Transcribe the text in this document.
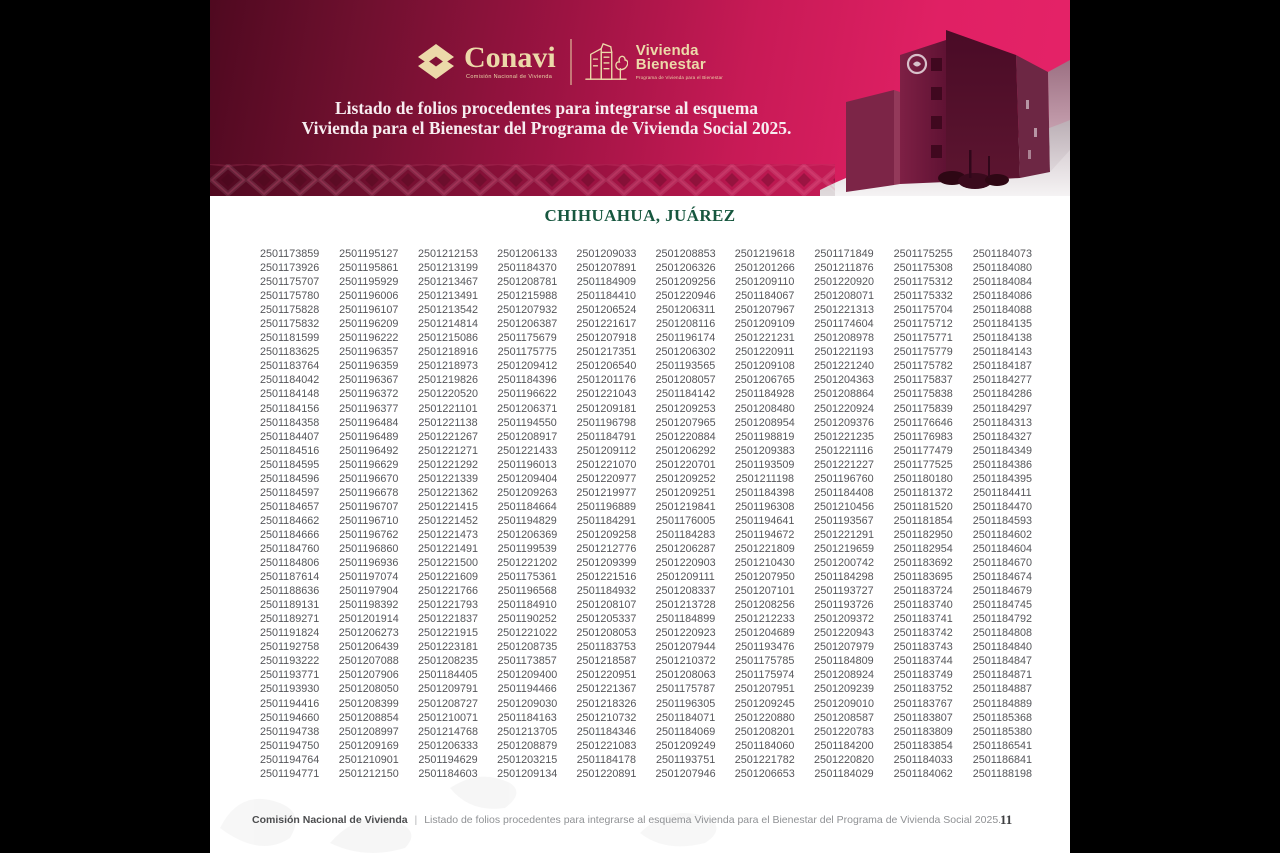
Conavi
Comisión Nacional de Vivienda
Vivienda
Bienestar
Programa de Vivienda para el Bienestar
Listado de folios procedentes para integrarse al esquema
Vivienda para el Bienestar del Programa de Vivienda Social 2025.
CHIHUAHUA, JUÁREZ
2501173859	2501195127	2501212153	2501206133	2501209033	2501208853	2501219618	2501171849	2501175255	2501184073
2501173926	2501195861	2501213199	2501184370	2501207891	2501206326	2501201266	2501211876	2501175308	2501184080
2501175707	2501195929	2501213467	2501208781	2501184909	2501209256	2501209110	2501220920	2501175312	2501184084
2501175780	2501196006	2501213491	2501215988	2501184410	2501220946	2501184067	2501208071	2501175332	2501184086
2501175828	2501196107	2501213542	2501207932	2501206524	2501206311	2501207967	2501221313	2501175704	2501184088
2501175832	2501196209	2501214814	2501206387	2501221617	2501208116	2501209109	2501174604	2501175712	2501184135
2501181599	2501196222	2501215086	2501175679	2501207918	2501196174	2501221231	2501208978	2501175771	2501184138
2501183625	2501196357	2501218916	2501175775	2501217351	2501206302	2501220911	2501221193	2501175779	2501184143
2501183764	2501196359	2501218973	2501209412	2501206540	2501193565	2501209108	2501221240	2501175782	2501184187
2501184042	2501196367	2501219826	2501184396	2501201176	2501208057	2501206765	2501204363	2501175837	2501184277
2501184148	2501196372	2501220520	2501196622	2501221043	2501184142	2501184928	2501208864	2501175838	2501184286
2501184156	2501196377	2501221101	2501206371	2501209181	2501209253	2501208480	2501220924	2501175839	2501184297
2501184358	2501196484	2501221138	2501194550	2501196798	2501207965	2501208954	2501209376	2501176646	2501184313
2501184407	2501196489	2501221267	2501208917	2501184791	2501220884	2501198819	2501221235	2501176983	2501184327
2501184516	2501196492	2501221271	2501221433	2501209112	2501206292	2501209383	2501221116	2501177479	2501184349
2501184595	2501196629	2501221292	2501196013	2501221070	2501220701	2501193509	2501221227	2501177525	2501184386
2501184596	2501196670	2501221339	2501209404	2501220977	2501209252	2501211198	2501196760	2501180180	2501184395
2501184597	2501196678	2501221362	2501209263	2501219977	2501209251	2501184398	2501184408	2501181372	2501184411
2501184657	2501196707	2501221415	2501184664	2501196889	2501219841	2501196308	2501210456	2501181520	2501184470
2501184662	2501196710	2501221452	2501194829	2501184291	2501176005	2501194641	2501193567	2501181854	2501184593
2501184666	2501196762	2501221473	2501206369	2501209258	2501184283	2501194672	2501221291	2501182950	2501184602
2501184760	2501196860	2501221491	2501199539	2501212776	2501206287	2501221809	2501219659	2501182954	2501184604
2501184806	2501196936	2501221500	2501221202	2501209399	2501220903	2501210430	2501200742	2501183692	2501184670
2501187614	2501197074	2501221609	2501175361	2501221516	2501209111	2501207950	2501184298	2501183695	2501184674
2501188636	2501197904	2501221766	2501196568	2501184932	2501208337	2501207101	2501193727	2501183724	2501184679
2501189131	2501198392	2501221793	2501184910	2501208107	2501213728	2501208256	2501193726	2501183740	2501184745
2501189271	2501201914	2501221837	2501190252	2501205337	2501184899	2501212233	2501209372	2501183741	2501184792
2501191824	2501206273	2501221915	2501221022	2501208053	2501220923	2501204689	2501220943	2501183742	2501184808
2501192758	2501206439	2501223181	2501208735	2501183753	2501207944	2501193476	2501207979	2501183743	2501184840
2501193222	2501207088	2501208235	2501173857	2501218587	2501210372	2501175785	2501184809	2501183744	2501184847
2501193771	2501207906	2501184405	2501209400	2501220951	2501208063	2501175974	2501208924	2501183749	2501184871
2501193930	2501208050	2501209791	2501194466	2501221367	2501175787	2501207951	2501209239	2501183752	2501184887
2501194416	2501208399	2501208727	2501209030	2501218326	2501196305	2501209245	2501209010	2501183767	2501184889
2501194660	2501208854	2501210071	2501184163	2501210732	2501184071	2501220880	2501208587	2501183807	2501185368
2501194738	2501208997	2501214768	2501213705	2501184346	2501184069	2501208201	2501220783	2501183809	2501185380
2501194750	2501209169	2501206333	2501208879	2501221083	2501209249	2501184060	2501184200	2501183854	2501186541
2501194764	2501210901	2501194629	2501203215	2501184178	2501193751	2501221782	2501220820	2501184033	2501186841
2501194771	2501212150	2501184603	2501209134	2501220891	2501207946	2501206653	2501184029	2501184062	2501188198
Comisión Nacional de Vivienda | Listado de folios procedentes para integrarse al esquema Vivienda para el Bienestar del Programa de Vivienda Social 2025.
11
